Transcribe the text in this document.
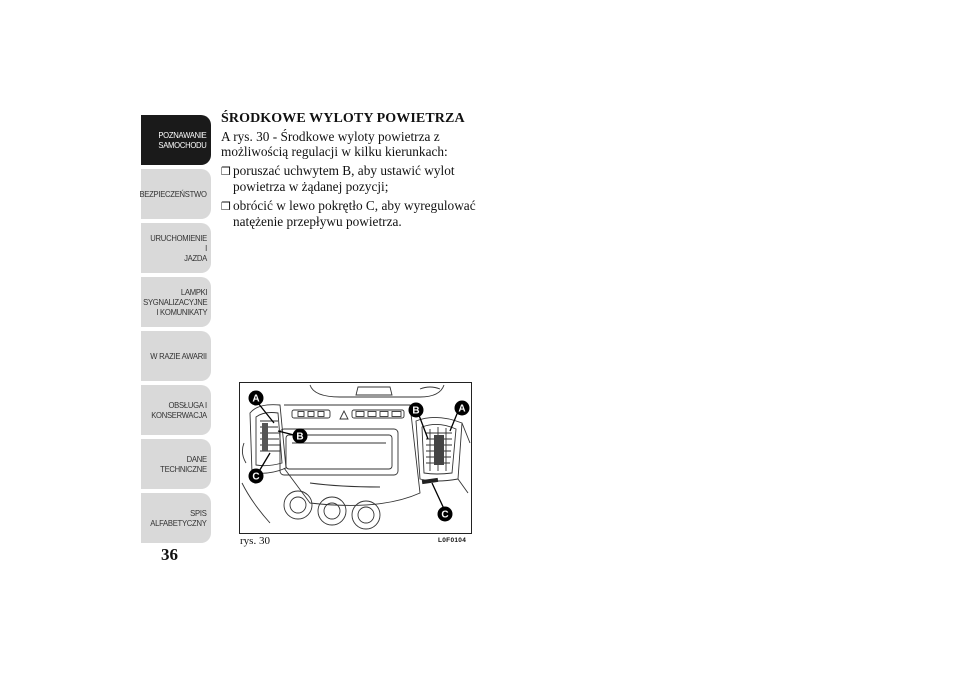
POZNAWANIE
SAMOCHODU
BEZPIECZEŃSTWO
URUCHOMIENIE I
JAZDA
LAMPKI
SYGNALIZACYJNE
I KOMUNIKATY
W RAZIE AWARII
OBSŁUGA I
KONSERWACJA
DANE
TECHNICZNE
SPIS
ALFABETYCZNY
36
ŚRODKOWE WYLOTY POWIETRZA
A rys. 30 - Środkowe wyloty powietrza z możliwością regulacji w kilku kierunkach:
❒ poruszać uchwytem B, aby ustawić wylot powietrza w żądanej pozycji;
❒ obrócić w lewo pokrętło C, aby wyregulować natężenie przepływu powietrza.
A
B
C
A
B
C
rys. 30	L0F0104
